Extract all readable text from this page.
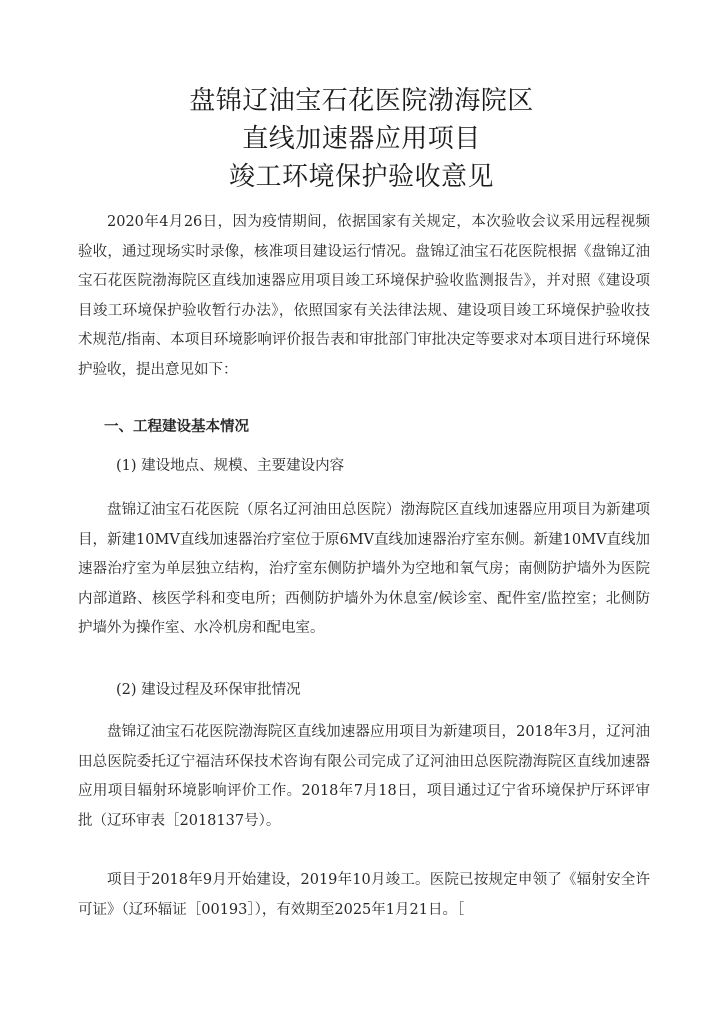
盘锦辽油宝石花医院渤海院区
直线加速器应用项目
竣工环境保护验收意见
2020年4月26日，因为疫情期间，依据国家有关规定，本次验收会议采用远程视频验收，通过现场实时录像，核准项目建设运行情况。盘锦辽油宝石花医院根据《盘锦辽油宝石花医院渤海院区直线加速器应用项目竣工环境保护验收监测报告》，并对照《建设项目竣工环境保护验收暂行办法》，依照国家有关法律法规、建设项目竣工环境保护验收技术规范/指南、本项目环境影响评价报告表和审批部门审批决定等要求对本项目进行环境保护验收，提出意见如下：
一、工程建设基本情况
(1) 建设地点、规模、主要建设内容
盘锦辽油宝石花医院（原名辽河油田总医院）渤海院区直线加速器应用项目为新建项目，新建10MV直线加速器治疗室位于原6MV直线加速器治疗室东侧。新建10MV直线加速器治疗室为单层独立结构，治疗室东侧防护墙外为空地和氧气房；南侧防护墙外为医院内部道路、核医学科和变电所；西侧防护墙外为休息室/候诊室、配件室/监控室；北侧防护墙外为操作室、水冷机房和配电室。
(2) 建设过程及环保审批情况
盘锦辽油宝石花医院渤海院区直线加速器应用项目为新建项目，2018年3月，辽河油田总医院委托辽宁福洁环保技术咨询有限公司完成了辽河油田总医院渤海院区直线加速器应用项目辐射环境影响评价工作。2018年7月18日，项目通过辽宁省环境保护厅环评审批（辽环审表［2018137号）。
项目于2018年9月开始建设，2019年10月竣工。医院已按规定申领了《辐射安全许可证》（辽环辐证［00193］），有效期至2025年1月21日。［
